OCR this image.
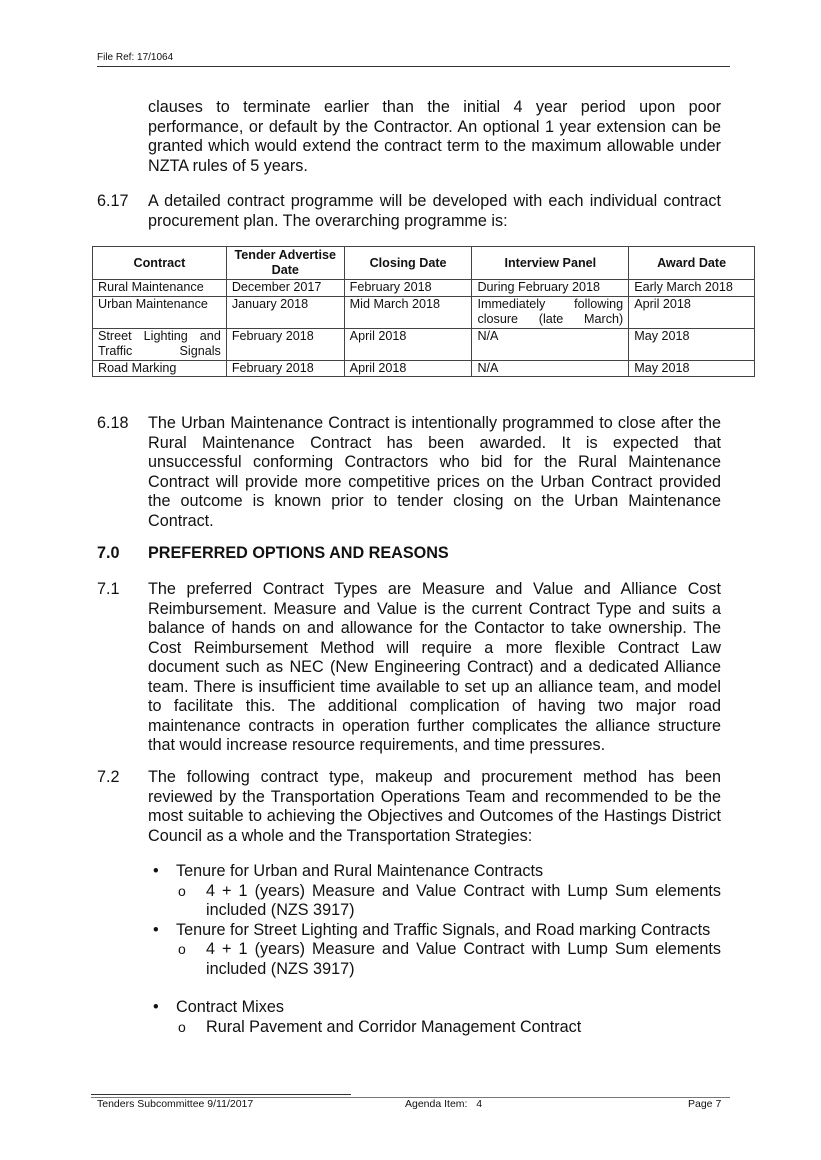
File Ref: 17/1064
clauses to terminate earlier than the initial 4 year period upon poor performance, or default by the Contractor. An optional 1 year extension can be granted which would extend the contract term to the maximum allowable under NZTA rules of 5 years.
6.17 A detailed contract programme will be developed with each individual contract procurement plan. The overarching programme is:
Contract	Tender Advertise Date	Closing Date	Interview Panel	Award Date
Rural Maintenance	December 2017	February 2018	During February 2018	Early March 2018
Urban Maintenance	January 2018	Mid March 2018	Immediately following closure (late March)	April 2018
Street Lighting and Traffic Signals	February 2018	April 2018	N/A	May 2018
Road Marking	February 2018	April 2018	N/A	May 2018
6.18 The Urban Maintenance Contract is intentionally programmed to close after the Rural Maintenance Contract has been awarded. It is expected that unsuccessful conforming Contractors who bid for the Rural Maintenance Contract will provide more competitive prices on the Urban Contract provided the outcome is known prior to tender closing on the Urban Maintenance Contract.
7.0 PREFERRED OPTIONS AND REASONS
7.1 The preferred Contract Types are Measure and Value and Alliance Cost Reimbursement. Measure and Value is the current Contract Type and suits a balance of hands on and allowance for the Contactor to take ownership. The Cost Reimbursement Method will require a more flexible Contract Law document such as NEC (New Engineering Contract) and a dedicated Alliance team. There is insufficient time available to set up an alliance team, and model to facilitate this. The additional complication of having two major road maintenance contracts in operation further complicates the alliance structure that would increase resource requirements, and time pressures.
7.2 The following contract type, makeup and procurement method has been reviewed by the Transportation Operations Team and recommended to be the most suitable to achieving the Objectives and Outcomes of the Hastings District Council as a whole and the Transportation Strategies:
• Tenure for Urban and Rural Maintenance Contracts
o 4 + 1 (years) Measure and Value Contract with Lump Sum elements included (NZS 3917)
• Tenure for Street Lighting and Traffic Signals, and Road marking Contracts
o 4 + 1 (years) Measure and Value Contract with Lump Sum elements included (NZS 3917)
• Contract Mixes
o Rural Pavement and Corridor Management Contract
Tenders Subcommittee 9/11/2017	Agenda Item:   4	Page 7
